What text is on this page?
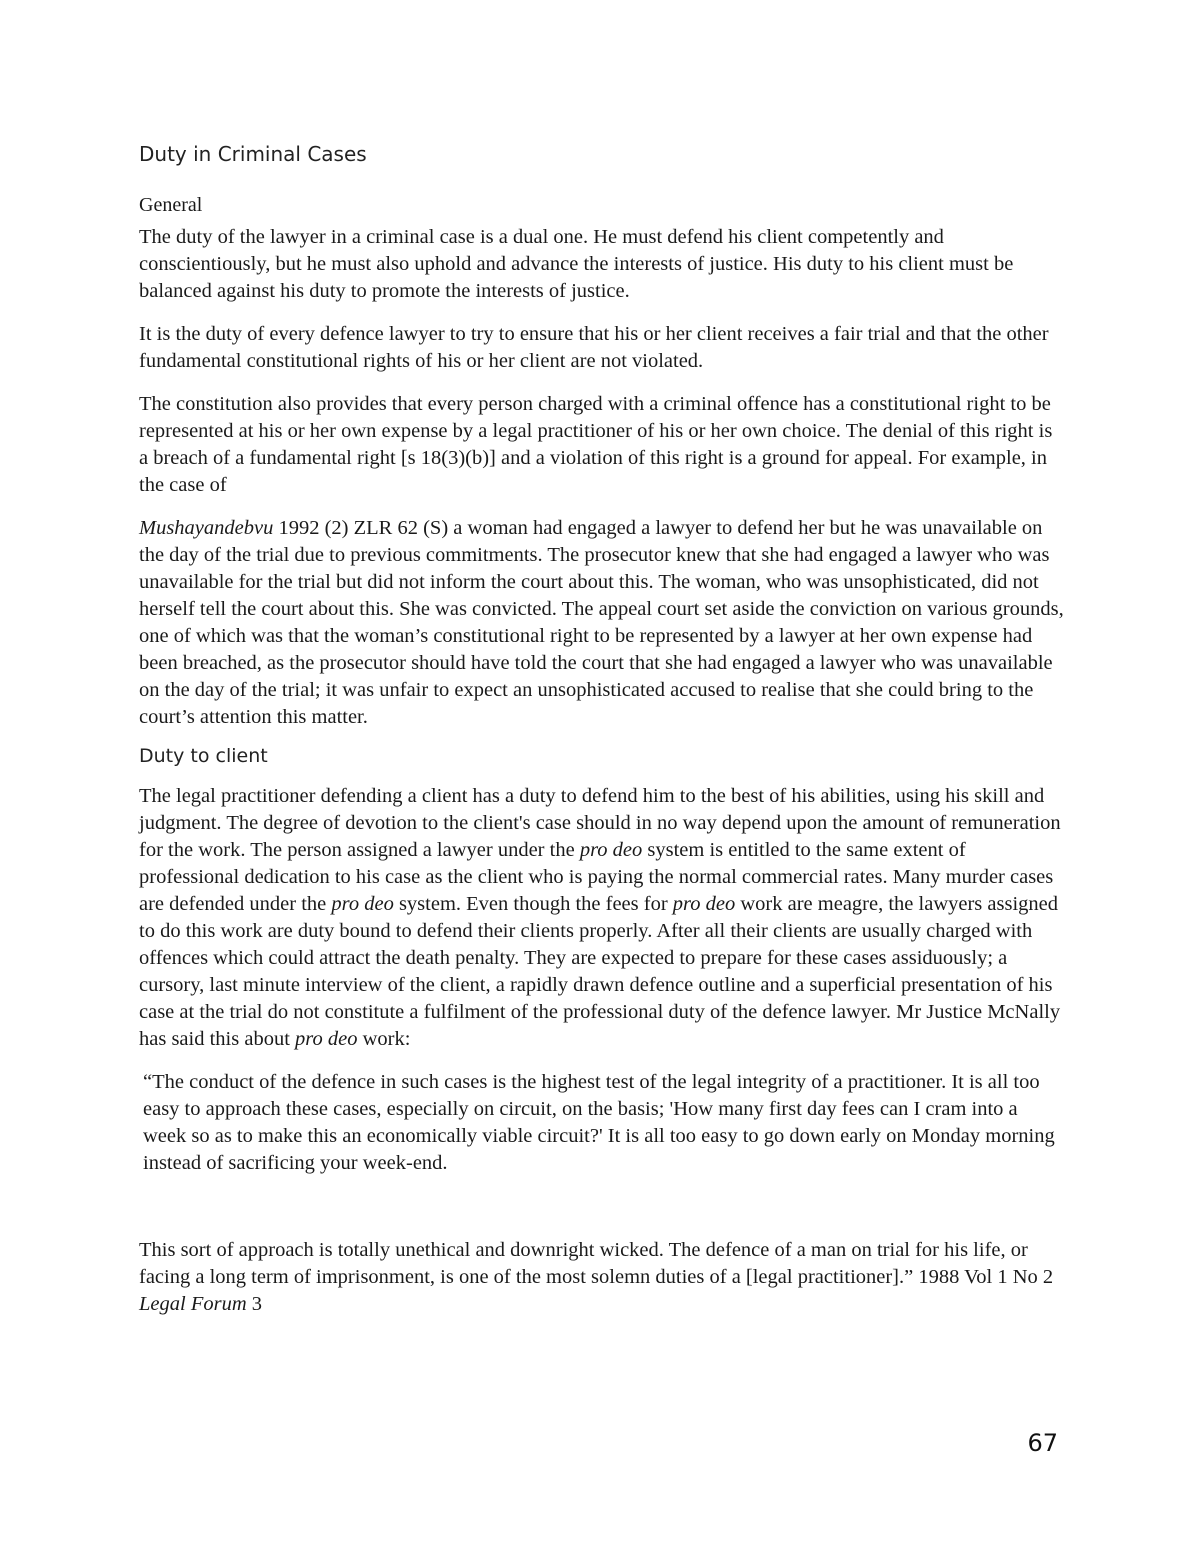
Duty in Criminal Cases
General

The duty of the lawyer in a criminal case is a dual one. He must defend his client competently and conscientiously, but he must also uphold and advance the interests of justice. His duty to his client must be balanced against his duty to promote the interests of justice.

It is the duty of every defence lawyer to try to ensure that his or her client receives a fair trial and that the other fundamental constitutional rights of his or her client are not violated.

The constitution also provides that every person charged with a criminal offence has a constitutional right to be represented at his or her own expense by a legal practitioner of his or her own choice. The denial of this right is a breach of a fundamental right [s 18(3)(b)] and a violation of this right is a ground for appeal. For example, in the case of

Mushayandebvu 1992 (2) ZLR 62 (S) a woman had engaged a lawyer to defend her but he was unavailable on the day of the trial due to previous commitments. The prosecutor knew that she had engaged a lawyer who was unavailable for the trial but did not inform the court about this. The woman, who was unsophisticated, did not herself tell the court about this. She was convicted. The appeal court set aside the conviction on various grounds, one of which was that the woman’s constitutional right to be represented by a lawyer at her own expense had been breached, as the prosecutor should have told the court that she had engaged a lawyer who was unavailable on the day of the trial; it was unfair to expect an unsophisticated accused to realise that she could bring to the court’s attention this matter.

Duty to client

The legal practitioner defending a client has a duty to defend him to the best of his abilities, using his skill and judgment. The degree of devotion to the client's case should in no way depend upon the amount of remuneration for the work. The person assigned a lawyer under the pro deo system is entitled to the same extent of professional dedication to his case as the client who is paying the normal commercial rates. Many murder cases are defended under the pro deo system. Even though the fees for pro deo work are meagre, the lawyers assigned to do this work are duty bound to defend their clients properly. After all their clients are usually charged with offences which could attract the death penalty. They are expected to prepare for these cases assiduously; a cursory, last minute interview of the client, a rapidly drawn defence outline and a superficial presentation of his case at the trial do not constitute a fulfilment of the professional duty of the defence lawyer. Mr Justice McNally has said this about pro deo work:

“The conduct of the defence in such cases is the highest test of the legal integrity of a practitioner. It is all too easy to approach these cases, especially on circuit, on the basis; 'How many first day fees can I cram into a week so as to make this an economically viable circuit?' It is all too easy to go down early on Monday morning instead of sacrificing your week-end.

This sort of approach is totally unethical and downright wicked. The defence of a man on trial for his life, or facing a long term of imprisonment, is one of the most solemn duties of a [legal practitioner].” 1988 Vol 1 No 2 Legal Forum 3

67
